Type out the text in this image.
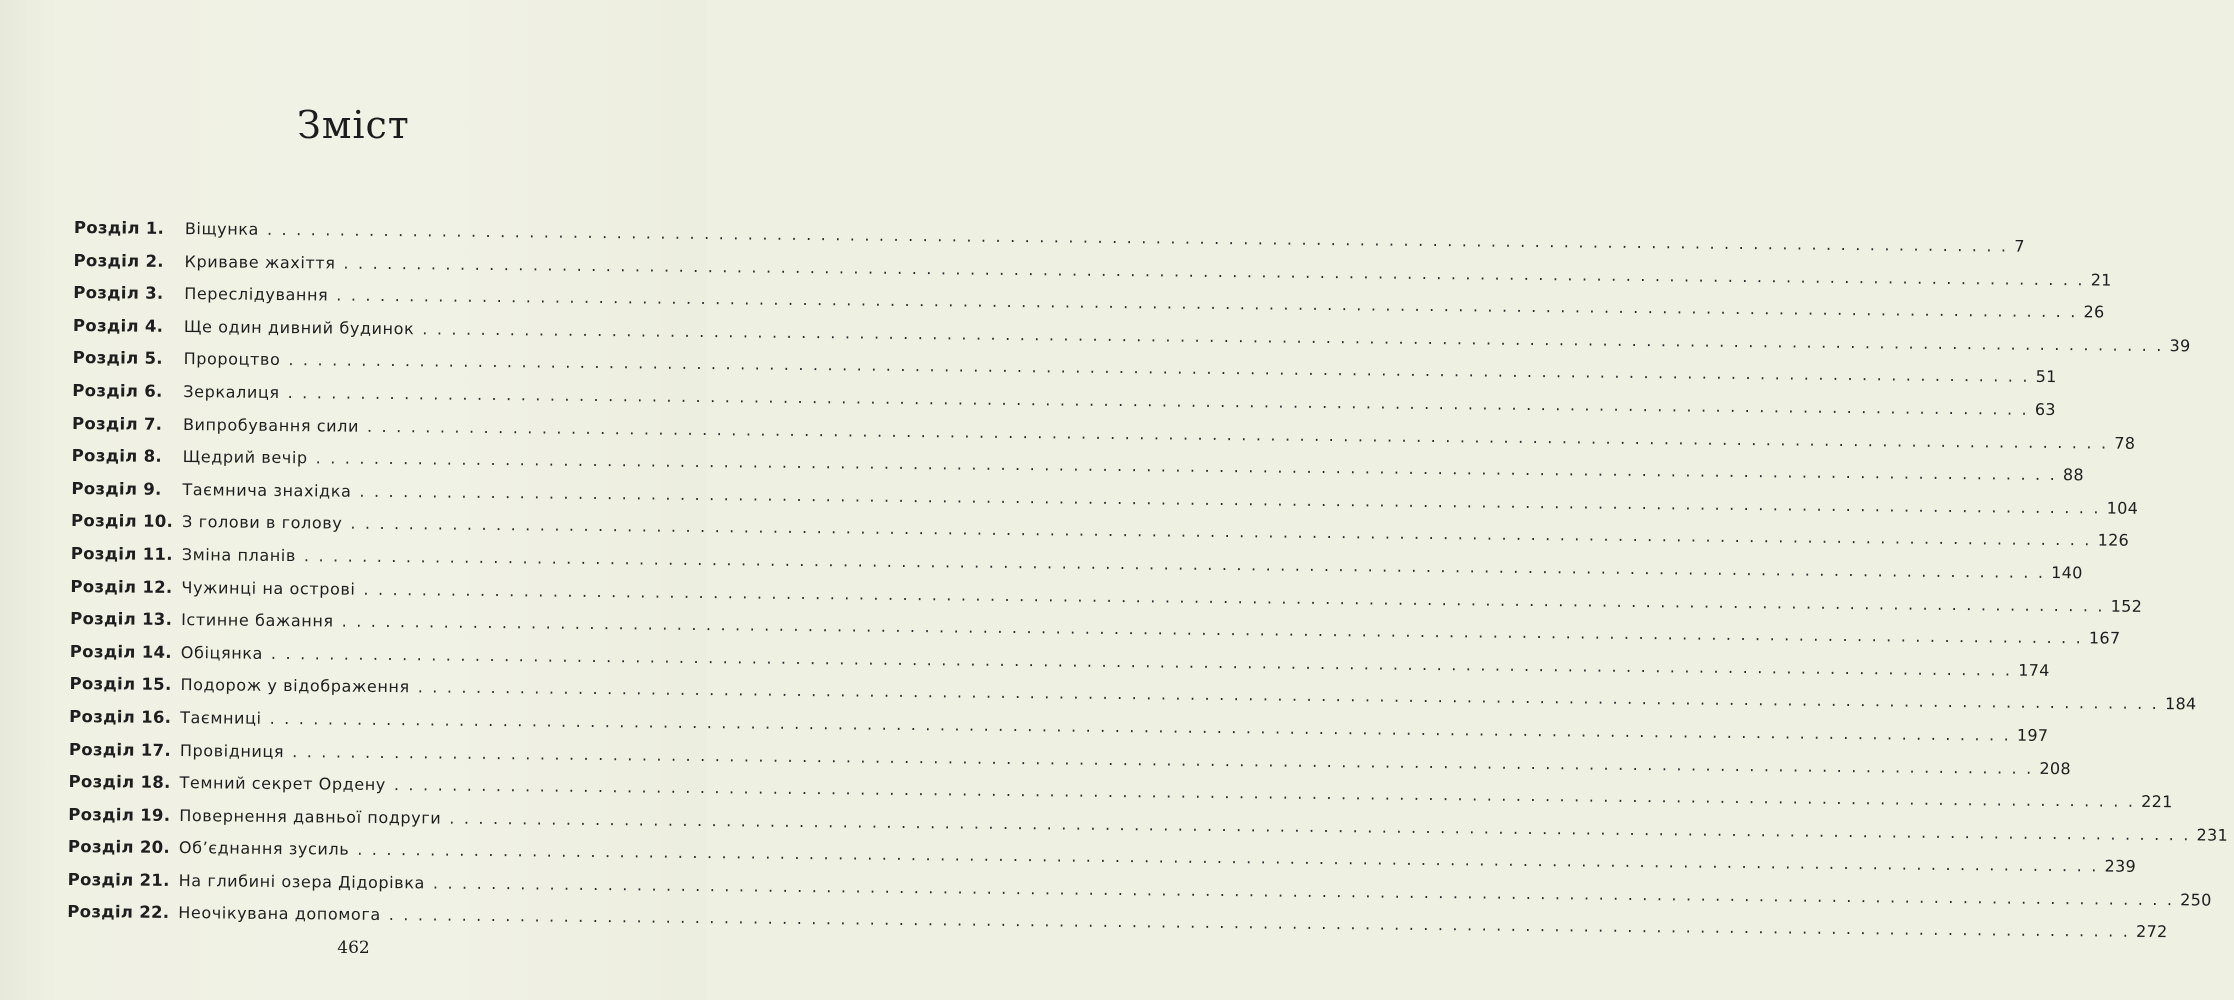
Зміст
Розділ 1.	Віщунка . . . . . . . . . . . . . . . . . . . . . . . . . . . . . . . . . . . . . . . . . . . . . . . . . . . . . . . . . . . . . . . . . . . . . . . . . . . . . . . . . . . . . . . . . . . . . . . . . . . . . . . . . . . . . . . . . . . . . . . . 7
Розділ 2.	Криваве жахіття . . . . . . . . . . . . . . . . . . . . . . . . . . . . . . . . . . . . . . . . . . . . . . . . . . . . . . . . . . . . . . . . . . . . . . . . . . . . . . . . . . . . . . . . . . . . . . . . . . . . . . . . . . . . . . . . . . . . . . . . 21
Розділ 3.	Переслідування . . . . . . . . . . . . . . . . . . . . . . . . . . . . . . . . . . . . . . . . . . . . . . . . . . . . . . . . . . . . . . . . . . . . . . . . . . . . . . . . . . . . . . . . . . . . . . . . . . . . . . . . . . . . . . . . . . . . . . . . 26
Розділ 4.	Ще один дивний будинок . . . . . . . . . . . . . . . . . . . . . . . . . . . . . . . . . . . . . . . . . . . . . . . . . . . . . . . . . . . . . . . . . . . . . . . . . . . . . . . . . . . . . . . . . . . . . . . . . . . . . . . . . . . . . . . . . . . . . . . . 39
Розділ 5.	Пророцтво . . . . . . . . . . . . . . . . . . . . . . . . . . . . . . . . . . . . . . . . . . . . . . . . . . . . . . . . . . . . . . . . . . . . . . . . . . . . . . . . . . . . . . . . . . . . . . . . . . . . . . . . . . . . . . . . . . . . . . . . 51
Розділ 6.	Зеркалиця . . . . . . . . . . . . . . . . . . . . . . . . . . . . . . . . . . . . . . . . . . . . . . . . . . . . . . . . . . . . . . . . . . . . . . . . . . . . . . . . . . . . . . . . . . . . . . . . . . . . . . . . . . . . . . . . . . . . . . . . 63
Розділ 7.	Випробування сили . . . . . . . . . . . . . . . . . . . . . . . . . . . . . . . . . . . . . . . . . . . . . . . . . . . . . . . . . . . . . . . . . . . . . . . . . . . . . . . . . . . . . . . . . . . . . . . . . . . . . . . . . . . . . . . . . . . . . . . . 78
Розділ 8.	Щедрий вечір . . . . . . . . . . . . . . . . . . . . . . . . . . . . . . . . . . . . . . . . . . . . . . . . . . . . . . . . . . . . . . . . . . . . . . . . . . . . . . . . . . . . . . . . . . . . . . . . . . . . . . . . . . . . . . . . . . . . . . . . 88
Розділ 9.	Таємнича знахідка . . . . . . . . . . . . . . . . . . . . . . . . . . . . . . . . . . . . . . . . . . . . . . . . . . . . . . . . . . . . . . . . . . . . . . . . . . . . . . . . . . . . . . . . . . . . . . . . . . . . . . . . . . . . . . . . . . . . . . . . 104
Розділ 10. З голови в голову . . . . . . . . . . . . . . . . . . . . . . . . . . . . . . . . . . . . . . . . . . . . . . . . . . . . . . . . . . . . . . . . . . . . . . . . . . . . . . . . . . . . . . . . . . . . . . . . . . . . . . . . . . . . . . . . . . . . . . . . 126
Розділ 11. Зміна планів . . . . . . . . . . . . . . . . . . . . . . . . . . . . . . . . . . . . . . . . . . . . . . . . . . . . . . . . . . . . . . . . . . . . . . . . . . . . . . . . . . . . . . . . . . . . . . . . . . . . . . . . . . . . . . . . . . . . . . . . 140
Розділ 12. Чужинці на острові . . . . . . . . . . . . . . . . . . . . . . . . . . . . . . . . . . . . . . . . . . . . . . . . . . . . . . . . . . . . . . . . . . . . . . . . . . . . . . . . . . . . . . . . . . . . . . . . . . . . . . . . . . . . . . . . . . . . . . . . 152
Розділ 13. Істинне бажання . . . . . . . . . . . . . . . . . . . . . . . . . . . . . . . . . . . . . . . . . . . . . . . . . . . . . . . . . . . . . . . . . . . . . . . . . . . . . . . . . . . . . . . . . . . . . . . . . . . . . . . . . . . . . . . . . . . . . . . . 167
Розділ 14. Обіцянка . . . . . . . . . . . . . . . . . . . . . . . . . . . . . . . . . . . . . . . . . . . . . . . . . . . . . . . . . . . . . . . . . . . . . . . . . . . . . . . . . . . . . . . . . . . . . . . . . . . . . . . . . . . . . . . . . . . . . . . . 174
Розділ 15. Подорож у відображення . . . . . . . . . . . . . . . . . . . . . . . . . . . . . . . . . . . . . . . . . . . . . . . . . . . . . . . . . . . . . . . . . . . . . . . . . . . . . . . . . . . . . . . . . . . . . . . . . . . . . . . . . . . . . . . . . . . . . . . . 184
Розділ 16. Таємниці . . . . . . . . . . . . . . . . . . . . . . . . . . . . . . . . . . . . . . . . . . . . . . . . . . . . . . . . . . . . . . . . . . . . . . . . . . . . . . . . . . . . . . . . . . . . . . . . . . . . . . . . . . . . . . . . . . . . . . . . 197
Розділ 17. Провідниця . . . . . . . . . . . . . . . . . . . . . . . . . . . . . . . . . . . . . . . . . . . . . . . . . . . . . . . . . . . . . . . . . . . . . . . . . . . . . . . . . . . . . . . . . . . . . . . . . . . . . . . . . . . . . . . . . . . . . . . . 208
Розділ 18. Темний секрет Ордену . . . . . . . . . . . . . . . . . . . . . . . . . . . . . . . . . . . . . . . . . . . . . . . . . . . . . . . . . . . . . . . . . . . . . . . . . . . . . . . . . . . . . . . . . . . . . . . . . . . . . . . . . . . . . . . . . . . . . . . . 221
Розділ 19. Повернення давньої подруги . . . . . . . . . . . . . . . . . . . . . . . . . . . . . . . . . . . . . . . . . . . . . . . . . . . . . . . . . . . . . . . . . . . . . . . . . . . . . . . . . . . . . . . . . . . . . . . . . . . . . . . . . . . . . . . . . . . . . . . . 231
Розділ 20. Об’єднання зусиль . . . . . . . . . . . . . . . . . . . . . . . . . . . . . . . . . . . . . . . . . . . . . . . . . . . . . . . . . . . . . . . . . . . . . . . . . . . . . . . . . . . . . . . . . . . . . . . . . . . . . . . . . . . . . . . . . . . . . . . . 239
Розділ 21. На глибині озера Дідорівка . . . . . . . . . . . . . . . . . . . . . . . . . . . . . . . . . . . . . . . . . . . . . . . . . . . . . . . . . . . . . . . . . . . . . . . . . . . . . . . . . . . . . . . . . . . . . . . . . . . . . . . . . . . . . . . . . . . . . . . . 250
Розділ 22. Неочікувана допомога . . . . . . . . . . . . . . . . . . . . . . . . . . . . . . . . . . . . . . . . . . . . . . . . . . . . . . . . . . . . . . . . . . . . . . . . . . . . . . . . . . . . . . . . . . . . . . . . . . . . . . . . . . . . . . . . . . . . . . . . 272
462
